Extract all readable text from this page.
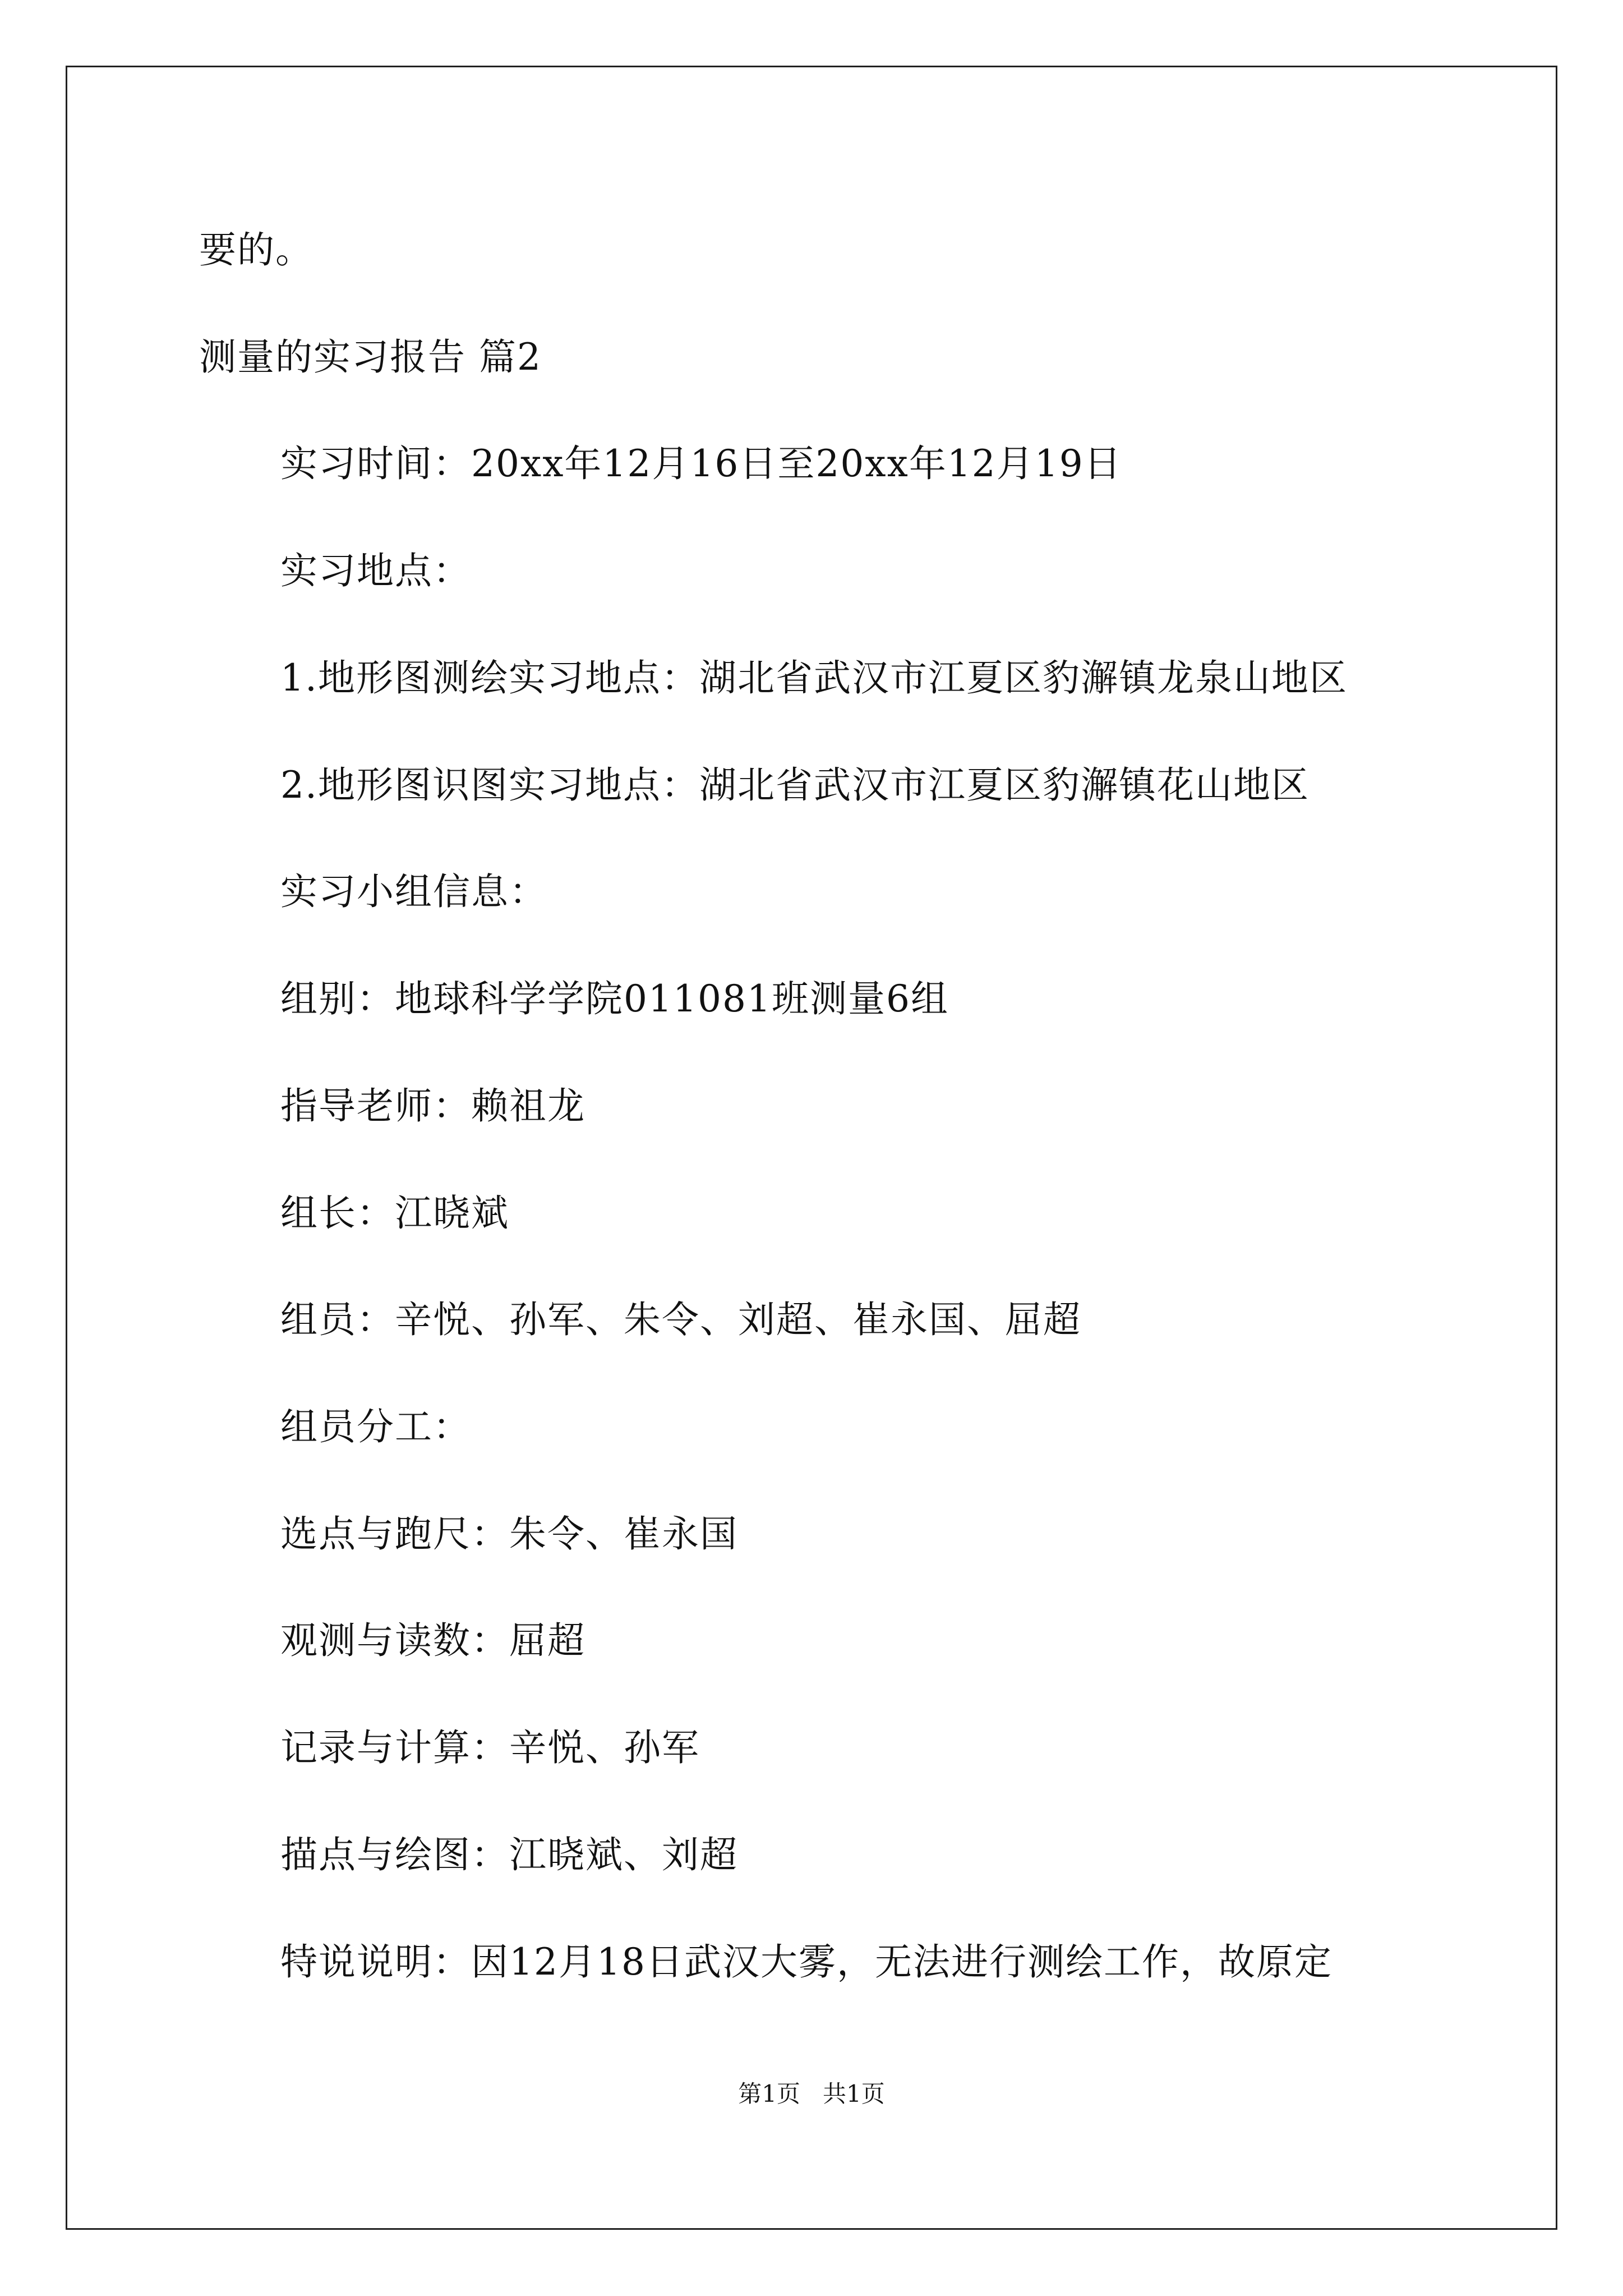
要的。
测量的实习报告 篇2
实习时间：20xx年12月16日至20xx年12月19日
实习地点：
1.地形图测绘实习地点：湖北省武汉市江夏区豹澥镇龙泉山地区
2.地形图识图实习地点：湖北省武汉市江夏区豹澥镇花山地区
实习小组信息：
组别：地球科学学院011081班测量6组
指导老师：赖祖龙
组长：江晓斌
组员：辛悦、孙军、朱令、刘超、崔永国、屈超
组员分工：
选点与跑尺：朱令、崔永国
观测与读数：屈超
记录与计算：辛悦、孙军
描点与绘图：江晓斌、刘超
特说说明：因12月18日武汉大雾，无法进行测绘工作，故原定
第1页 共1页
